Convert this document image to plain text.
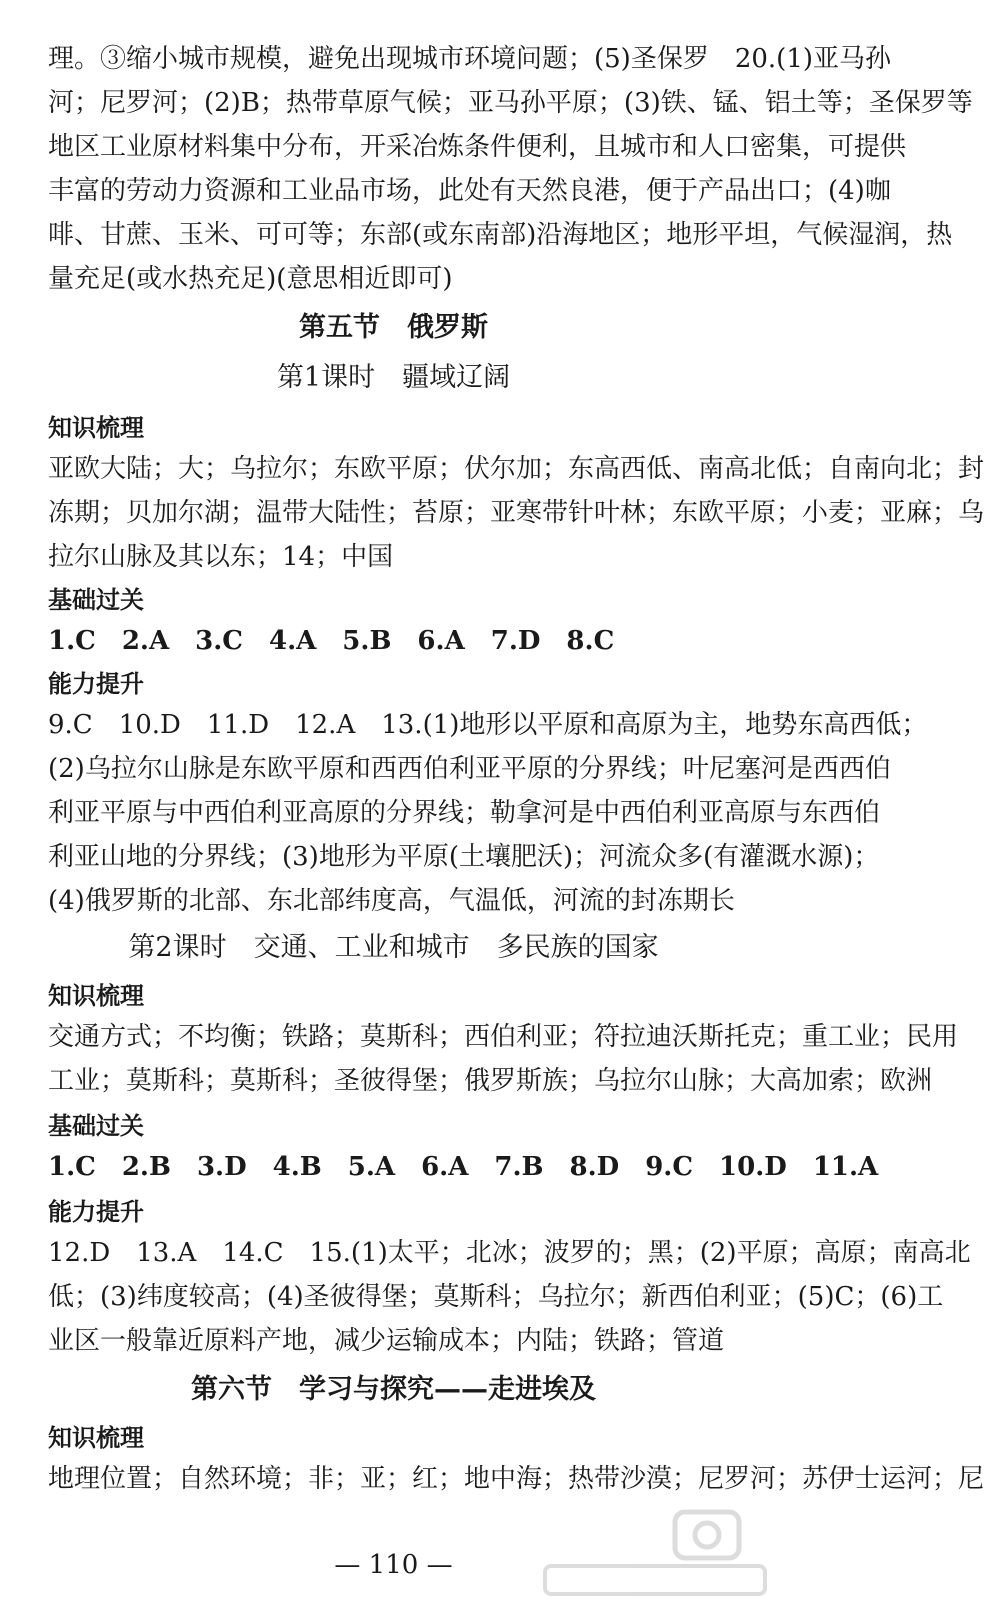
理。③缩小城市规模，避免出现城市环境问题；(5)圣保罗　20.(1)亚马孙
河；尼罗河；(2)B；热带草原气候；亚马孙平原；(3)铁、锰、铝土等；圣保罗等
地区工业原材料集中分布，开采冶炼条件便利，且城市和人口密集，可提供
丰富的劳动力资源和工业品市场，此处有天然良港，便于产品出口；(4)咖
啡、甘蔗、玉米、可可等；东部(或东南部)沿海地区；地形平坦，气候湿润，热
量充足(或水热充足)(意思相近即可)
第五节　俄罗斯
第1课时　疆域辽阔
知识梳理
亚欧大陆；大；乌拉尔；东欧平原；伏尔加；东高西低、南高北低；自南向北；封
冻期；贝加尔湖；温带大陆性；苔原；亚寒带针叶林；东欧平原；小麦；亚麻；乌
拉尔山脉及其以东；14；中国
基础过关
1.C　2.A　3.C　4.A　5.B　6.A　7.D　8.C
能力提升
9.C　10.D　11.D　12.A　13.(1)地形以平原和高原为主，地势东高西低；
(2)乌拉尔山脉是东欧平原和西西伯利亚平原的分界线；叶尼塞河是西西伯
利亚平原与中西伯利亚高原的分界线；勒拿河是中西伯利亚高原与东西伯
利亚山地的分界线；(3)地形为平原(土壤肥沃)；河流众多(有灌溉水源)；
(4)俄罗斯的北部、东北部纬度高，气温低，河流的封冻期长
第2课时　交通、工业和城市　多民族的国家
知识梳理
交通方式；不均衡；铁路；莫斯科；西伯利亚；符拉迪沃斯托克；重工业；民用
工业；莫斯科；莫斯科；圣彼得堡；俄罗斯族；乌拉尔山脉；大高加索；欧洲
基础过关
1.C　2.B　3.D　4.B　5.A　6.A　7.B　8.D　9.C　10.D　11.A
能力提升
12.D　13.A　14.C　15.(1)太平；北冰；波罗的；黑；(2)平原；高原；南高北
低；(3)纬度较高；(4)圣彼得堡；莫斯科；乌拉尔；新西伯利亚；(5)C；(6)工
业区一般靠近原料产地，减少运输成本；内陆；铁路；管道
第六节　学习与探究——走进埃及
知识梳理
地理位置；自然环境；非；亚；红；地中海；热带沙漠；尼罗河；苏伊士运河；尼
— 110 —
